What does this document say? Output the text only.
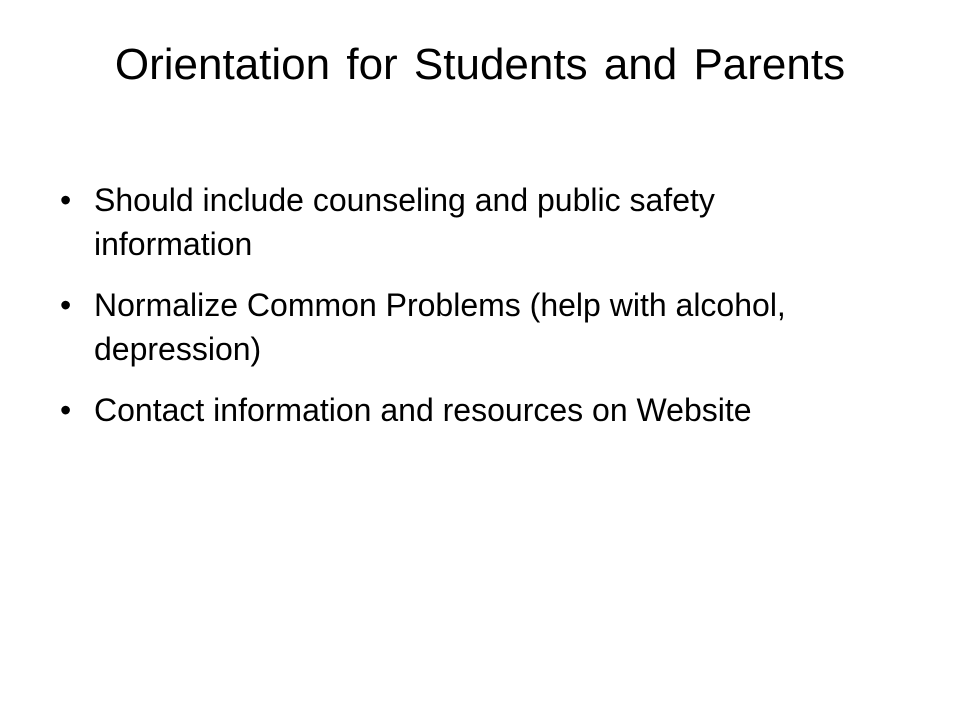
Orientation for Students and Parents
• Should include counseling and public safety information
• Normalize Common Problems (help with alcohol, depression)
• Contact information and resources on Website
